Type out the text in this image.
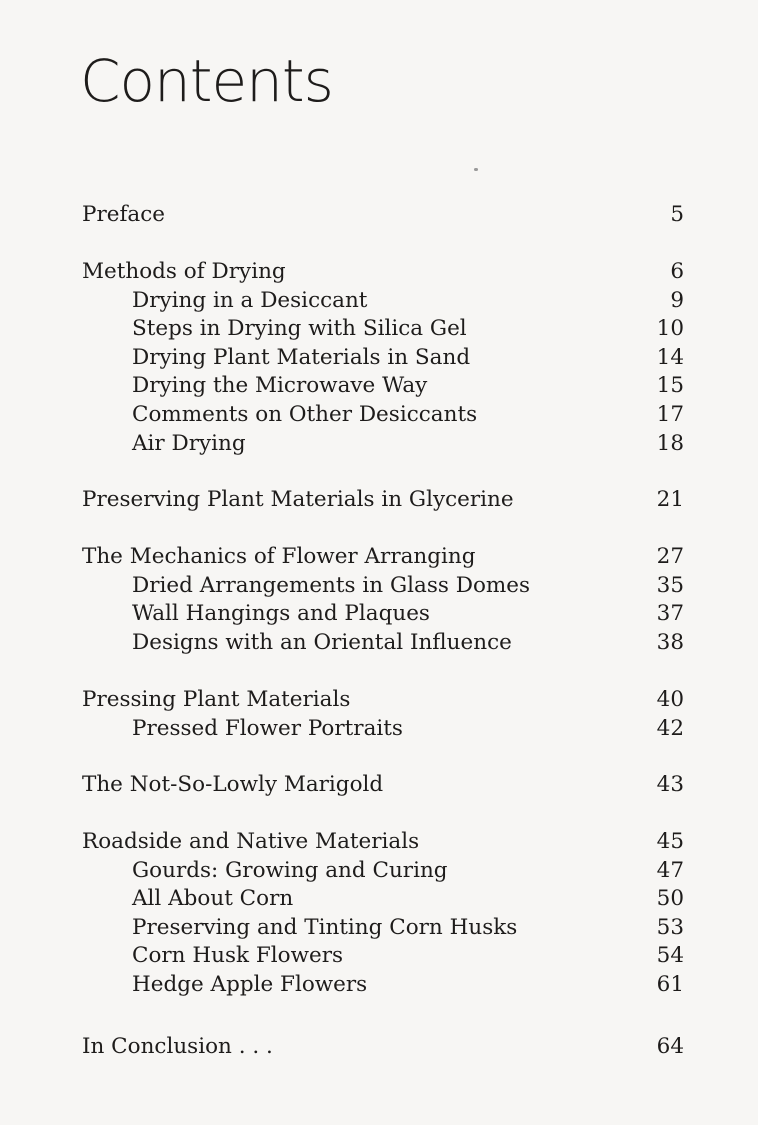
Contents
Preface	5
Methods of Drying	6
Drying in a Desiccant	9
Steps in Drying with Silica Gel	10
Drying Plant Materials in Sand	14
Drying the Microwave Way	15
Comments on Other Desiccants	17
Air Drying	18
Preserving Plant Materials in Glycerine	21
The Mechanics of Flower Arranging	27
Dried Arrangements in Glass Domes	35
Wall Hangings and Plaques	37
Designs with an Oriental Influence	38
Pressing Plant Materials	40
Pressed Flower Portraits	42
The Not-So-Lowly Marigold	43
Roadside and Native Materials	45
Gourds: Growing and Curing	47
All About Corn	50
Preserving and Tinting Corn Husks	53
Corn Husk Flowers	54
Hedge Apple Flowers	61
In Conclusion . . .	64
